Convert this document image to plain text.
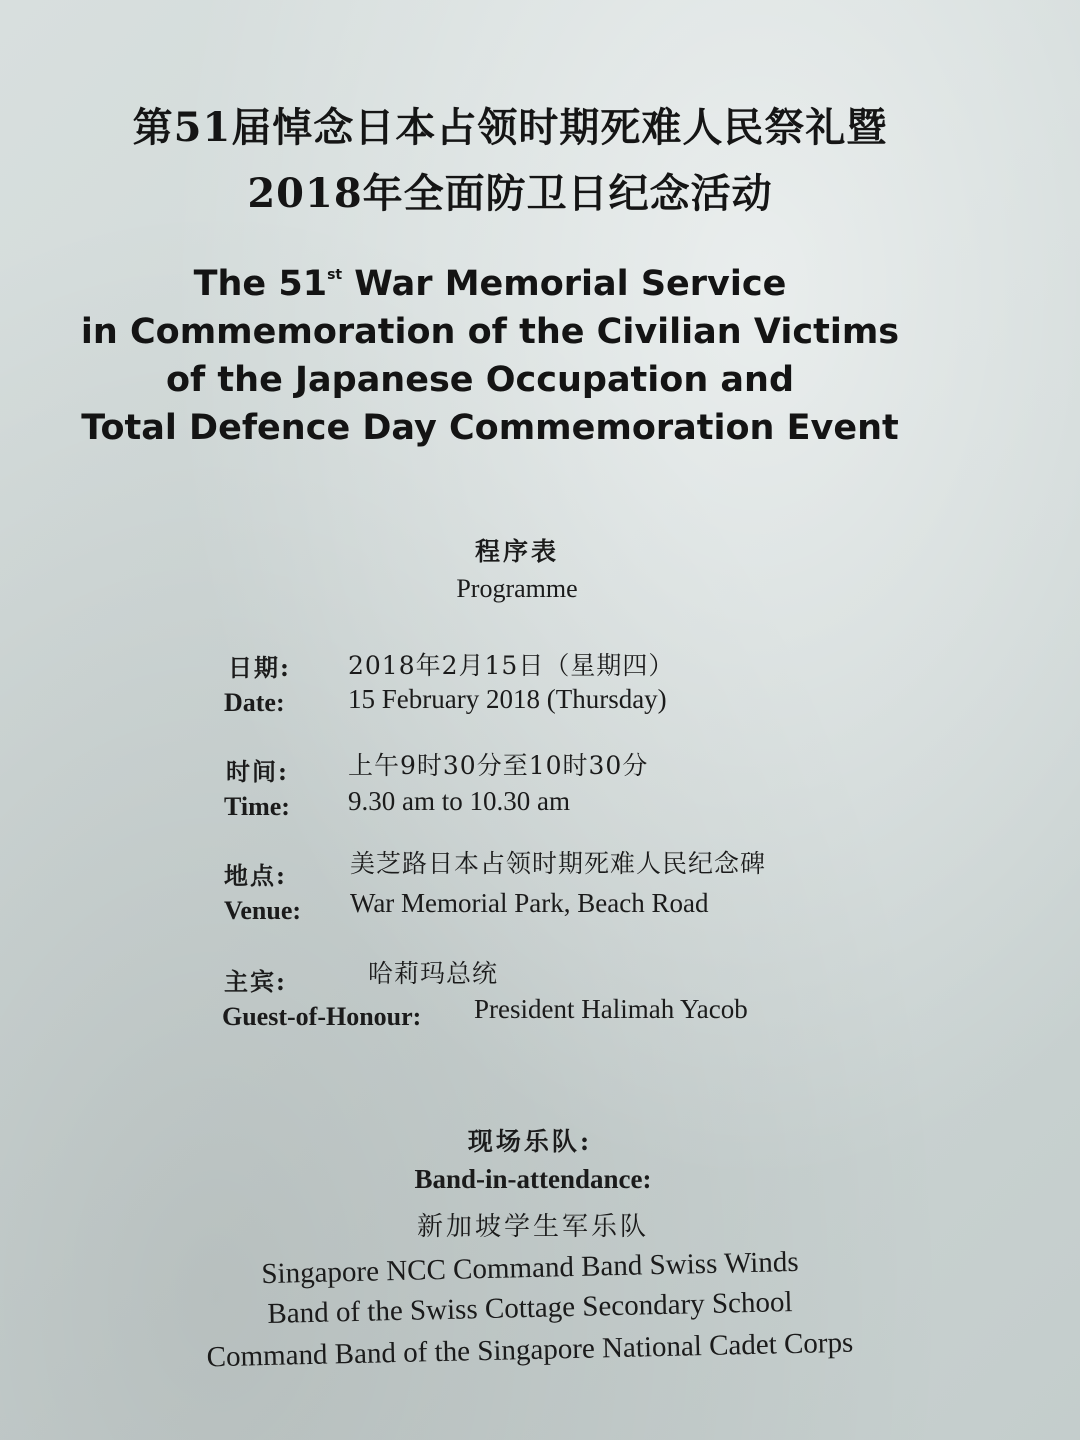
第51届悼念日本占领时期死难人民祭礼暨
2018年全面防卫日纪念活动
The 51st War Memorial Service
in Commemoration of the Civilian Victims
of the Japanese Occupation and
Total Defence Day Commemoration Event
程序表
Programme
日期: 2018年2月15日（星期四）
Date: 15 February 2018 (Thursday)
时间: 上午9时30分至10时30分
Time: 9.30 am to 10.30 am
地点:	美芝路日本占领时期死难人民纪念碑
Venue: War Memorial Park, Beach Road
主宾:	哈莉玛总统
Guest-of-Honour: President Halimah Yacob
现场乐队:
Band-in-attendance:
新加坡学生军乐队
Singapore NCC Command Band Swiss Winds
Band of the Swiss Cottage Secondary School
Command Band of the Singapore National Cadet Corps
